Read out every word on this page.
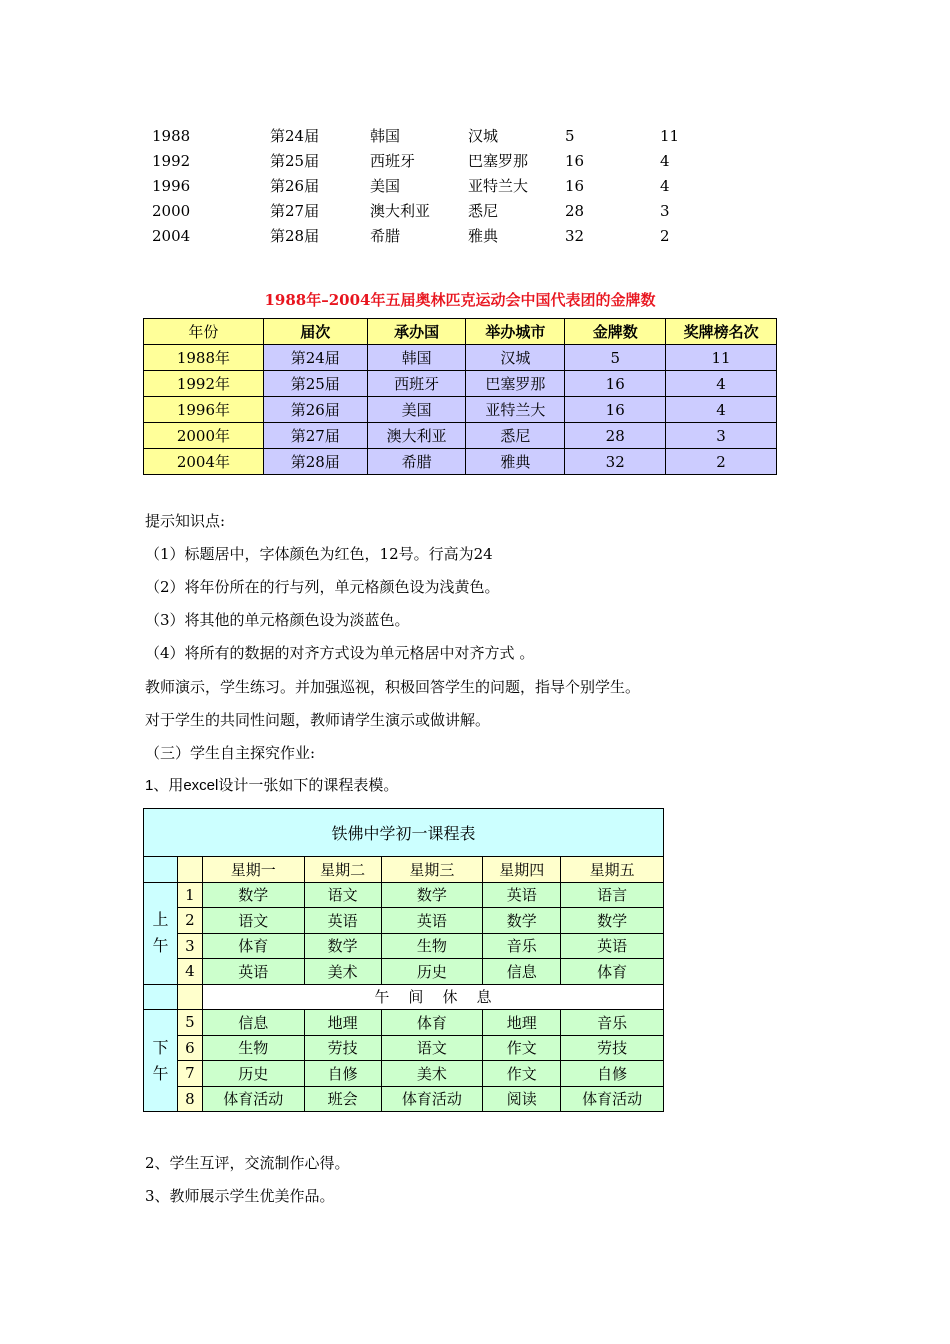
1988	第24届	韩国	汉城	5	11
1992	第25届	西班牙	巴塞罗那 16	4
1996	第26届	美国	亚特兰大 16	4
2000	第27届	澳大利亚	悉尼	28	3
2004	第28届	希腊	雅典	32	2
1988年–2004年五届奥林匹克运动会中国代表团的金牌数
年份	届次	承办国	举办城市	金牌数	奖牌榜名次
1988年	第24届	韩国	汉城	5	11
1992年	第25届	西班牙	巴塞罗那	16	4
1996年	第26届	美国	亚特兰大	16	4
2000年	第27届	澳大利亚	悉尼	28	3
2004年	第28届	希腊	雅典	32	2
提示知识点:
（1）标题居中，字体颜色为红色，12号。行高为24
（2）将年份所在的行与列，单元格颜色设为浅黄色。
（3）将其他的单元格颜色设为淡蓝色。
（4）将所有的数据的对齐方式设为单元格居中对齐方式 。
教师演示，学生练习。并加强巡视，积极回答学生的问题，指导个别学生。
对于学生的共同性问题，教师请学生演示或做讲解。
（三）学生自主探究作业:
1、用excel设计一张如下的课程表模。
铁佛中学初一课程表						
		星期一	星期二	星期三	星期四	星期五
上
午	1	数学	语文	数学	英语	语言
	2	语文	英语	英语	数学	数学
	3	体育	数学	生物	音乐	英语
	4	英语	美术	历史	信息	体育
		午    间    休    息				
下
午	5	信息	地理	体育	地理	音乐
	6	生物	劳技	语文	作文	劳技
	7	历史	自修	美术	作文	自修
	8	体育活动	班会	体育活动	阅读	体育活动
2、学生互评，交流制作心得。
3、教师展示学生优美作品。
